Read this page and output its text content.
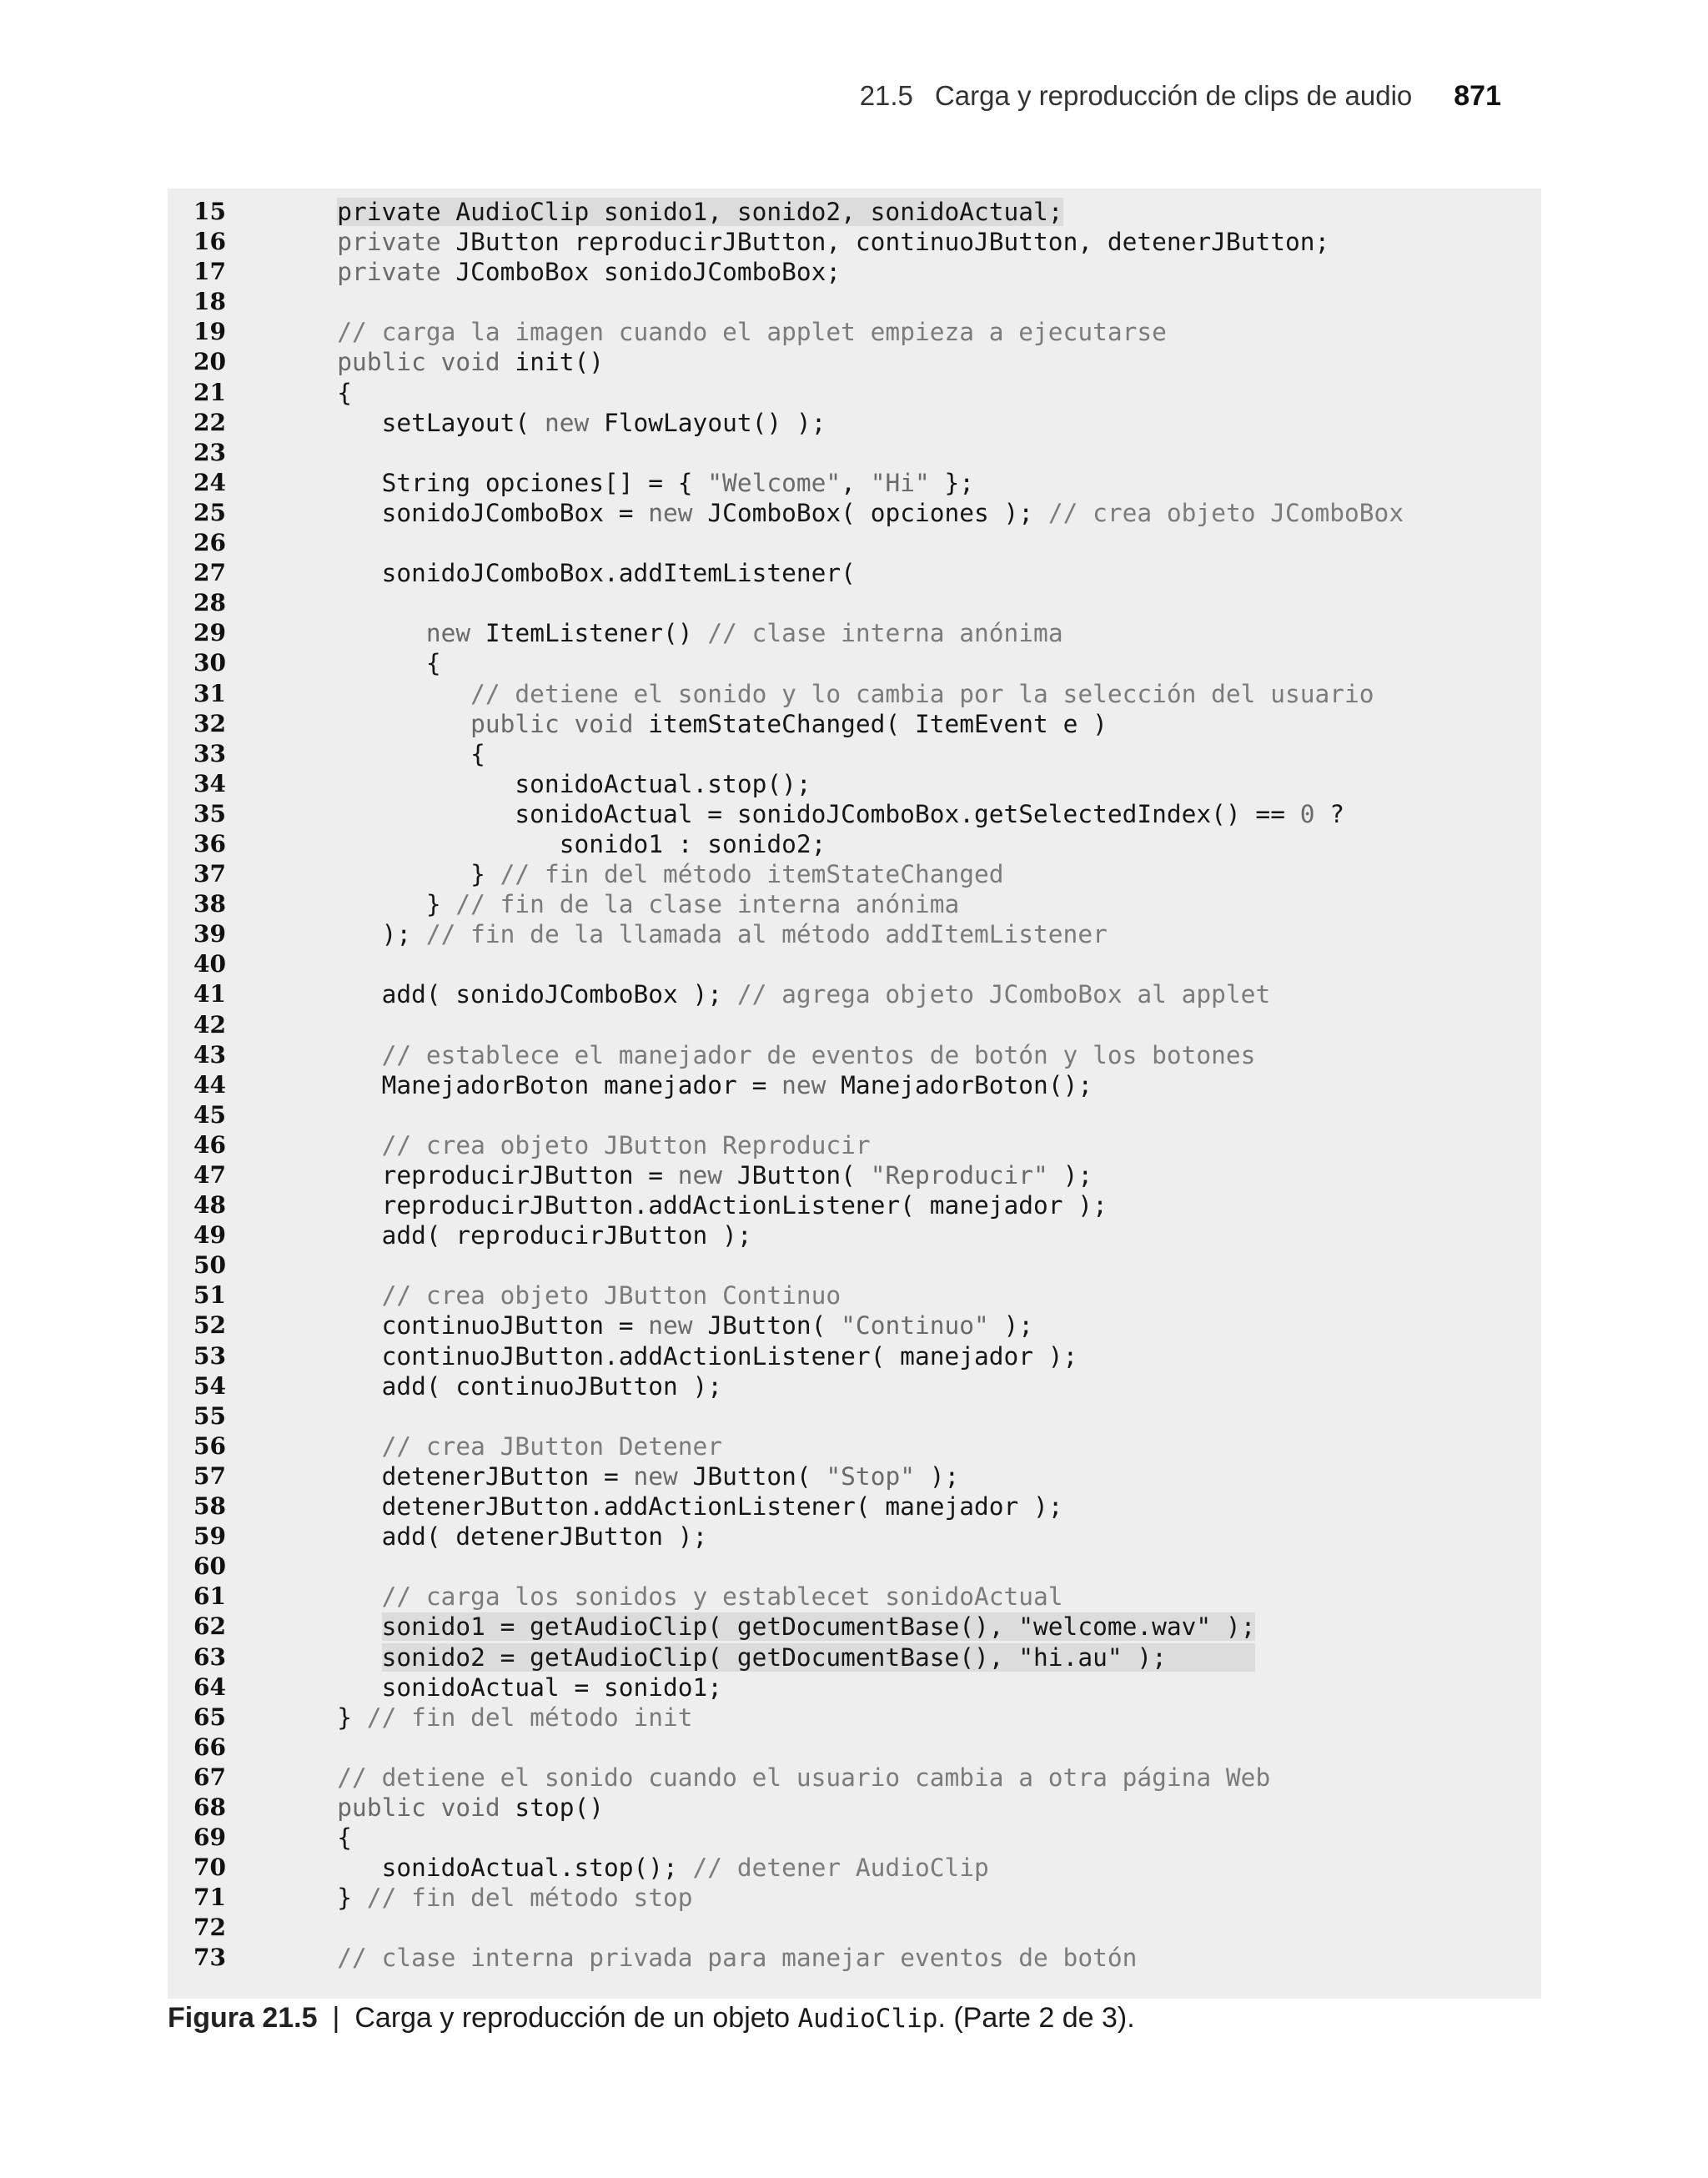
21.5 Carga y reproducción de clips de audio 871
15	private AudioClip sonido1, sonido2, sonidoActual;
16	private JButton reproducirJButton, continuoJButton, detenerJButton;
17	private JComboBox sonidoJComboBox;
18
19	// carga la imagen cuando el applet empieza a ejecutarse
20	public void init()
21	{
22	setLayout( new FlowLayout() );
23
24	String opciones[] = { "Welcome", "Hi" };
25	sonidoJComboBox = new JComboBox( opciones ); // crea objeto JComboBox
26
27	sonidoJComboBox.addItemListener(
28
29	new ItemListener() // clase interna anónima
30	{
31	// detiene el sonido y lo cambia por la selección del usuario
32	public void itemStateChanged( ItemEvent e )
33	{
34	sonidoActual.stop();
35	sonidoActual = sonidoJComboBox.getSelectedIndex() == 0 ?
36	sonido1 : sonido2;
37	} // fin del método itemStateChanged
38	} // fin de la clase interna anónima
39	); // fin de la llamada al método addItemListener
40
41	add( sonidoJComboBox ); // agrega objeto JComboBox al applet
42
43	// establece el manejador de eventos de botón y los botones
44	ManejadorBoton manejador = new ManejadorBoton();
45
46	// crea objeto JButton Reproducir
47	reproducirJButton = new JButton( "Reproducir" );
48	reproducirJButton.addActionListener( manejador );
49	add( reproducirJButton );
50
51	// crea objeto JButton Continuo
52	continuoJButton = new JButton( "Continuo" );
53	continuoJButton.addActionListener( manejador );
54	add( continuoJButton );
55
56	// crea JButton Detener
57	detenerJButton = new JButton( "Stop" );
58	detenerJButton.addActionListener( manejador );
59	add( detenerJButton );
60
61	// carga los sonidos y establecet sonidoActual
62	sonido1 = getAudioClip( getDocumentBase(), "welcome.wav" );
63	sonido2 = getAudioClip( getDocumentBase(), "hi.au" );
64	sonidoActual = sonido1;
65	} // fin del método init
66
67	// detiene el sonido cuando el usuario cambia a otra página Web
68	public void stop()
69	{
70	sonidoActual.stop(); // detener AudioClip
71	} // fin del método stop
72
73	// clase interna privada para manejar eventos de botón
Figura 21.5 | Carga y reproducción de un objeto AudioClip. (Parte 2 de 3).
